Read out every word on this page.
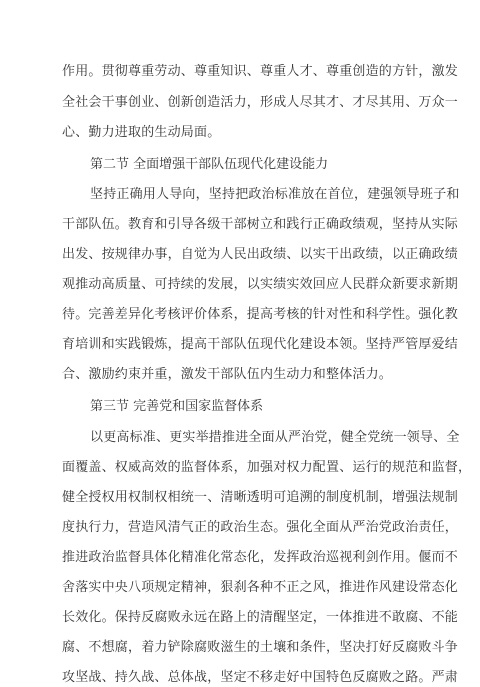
作用。贯彻尊重劳动、尊重知识、尊重人才、尊重创造的方针，激发
全社会干事创业、创新创造活力，形成人尽其才、才尽其用、万众一
心、勤力进取的生动局面。
第二节 全面增强干部队伍现代化建设能力
坚持正确用人导向，坚持把政治标准放在首位，建强领导班子和
干部队伍。教育和引导各级干部树立和践行正确政绩观，坚持从实际
出发、按规律办事，自觉为人民出政绩、以实干出政绩，以正确政绩
观推动高质量、可持续的发展，以实绩实效回应人民群众新要求新期
待。完善差异化考核评价体系，提高考核的针对性和科学性。强化教
育培训和实践锻炼，提高干部队伍现代化建设本领。坚持严管厚爱结
合、激励约束并重，激发干部队伍内生动力和整体活力。
第三节 完善党和国家监督体系
以更高标准、更实举措推进全面从严治党，健全党统一领导、全
面覆盖、权威高效的监督体系，加强对权力配置、运行的规范和监督，
健全授权用权制权相统一、清晰透明可追溯的制度机制，增强法规制
度执行力，营造风清气正的政治生态。强化全面从严治党政治责任，
推进政治监督具体化精准化常态化，发挥政治巡视利剑作用。偃而不
舍落实中央八项规定精神，狠刹各种不正之风，推进作风建设常态化
长效化。保持反腐败永远在路上的清醒坚定，一体推进不敢腐、不能
腐、不想腐，着力铲除腐败滋生的土壤和条件，坚决打好反腐败斗争
攻坚战、持久战、总体战，坚定不移走好中国特色反腐败之路。严肃
